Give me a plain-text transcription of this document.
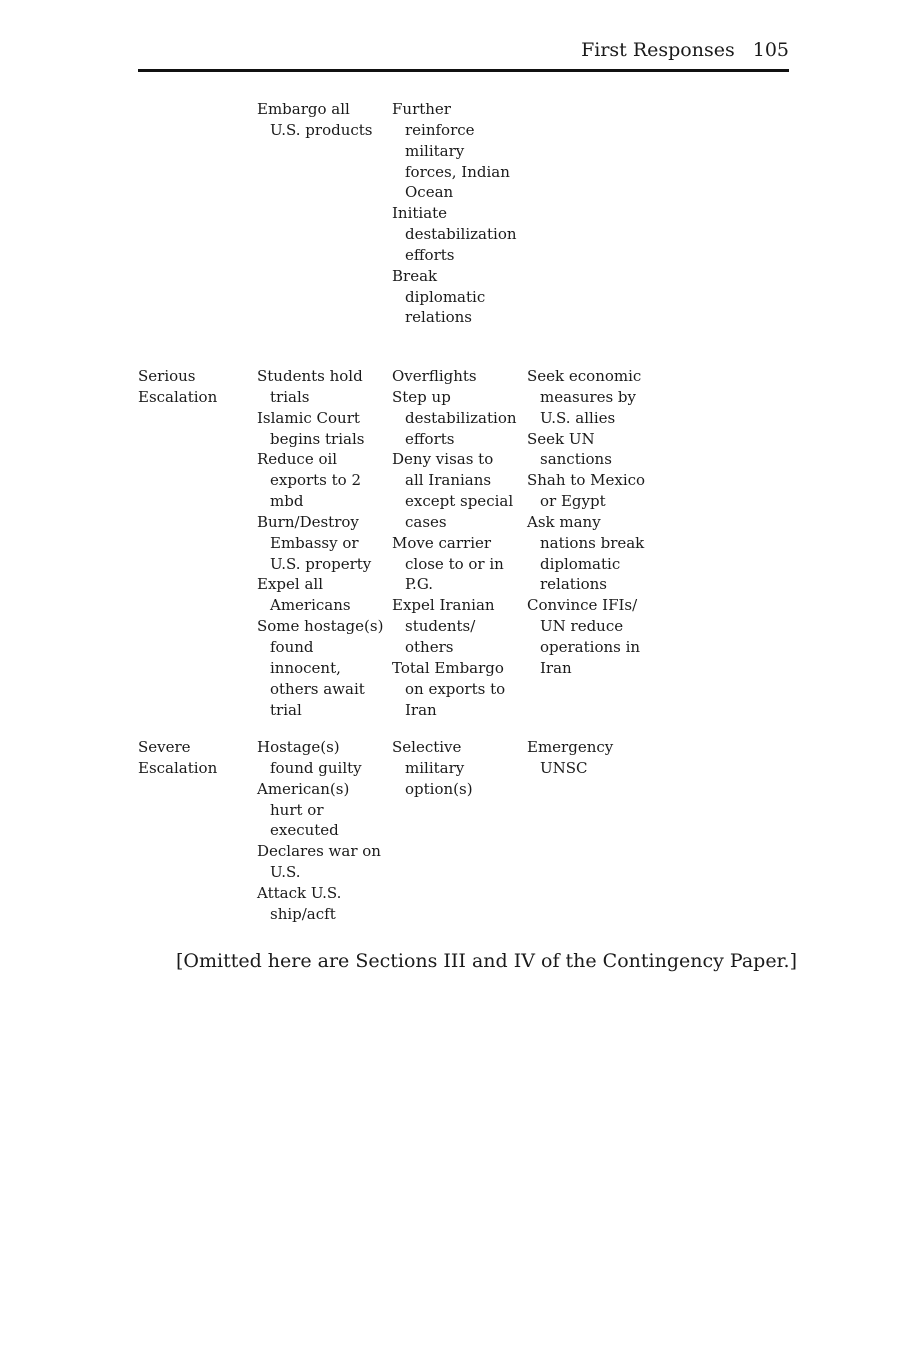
First Responses 105
Embargo all
U.S. products
Further
reinforce
military
forces, Indian
Ocean
Initiate
destabilization
efforts
Break
diplomatic
relations
Serious
Escalation
Students hold
trials
Islamic Court
begins trials
Reduce oil
exports to 2
mbd
Burn/Destroy
Embassy or
U.S. property
Expel all
Americans
Some hostage(s)
found
innocent,
others await
trial
Overflights
Step up
destabilization
efforts
Deny visas to
all Iranians
except special
cases
Move carrier
close to or in
P.G.
Expel Iranian
students/
others
Total Embargo
on exports to
Iran
Seek economic
measures by
U.S. allies
Seek UN
sanctions
Shah to Mexico
or Egypt
Ask many
nations break
diplomatic
relations
Convince IFIs/
UN reduce
operations in
Iran
Severe
Escalation
Hostage(s)
found guilty
American(s)
hurt or
executed
Declares war on
U.S.
Attack U.S.
ship/acft
Selective
military
option(s)
Emergency
UNSC
[Omitted here are Sections III and IV of the Contingency Paper.]
